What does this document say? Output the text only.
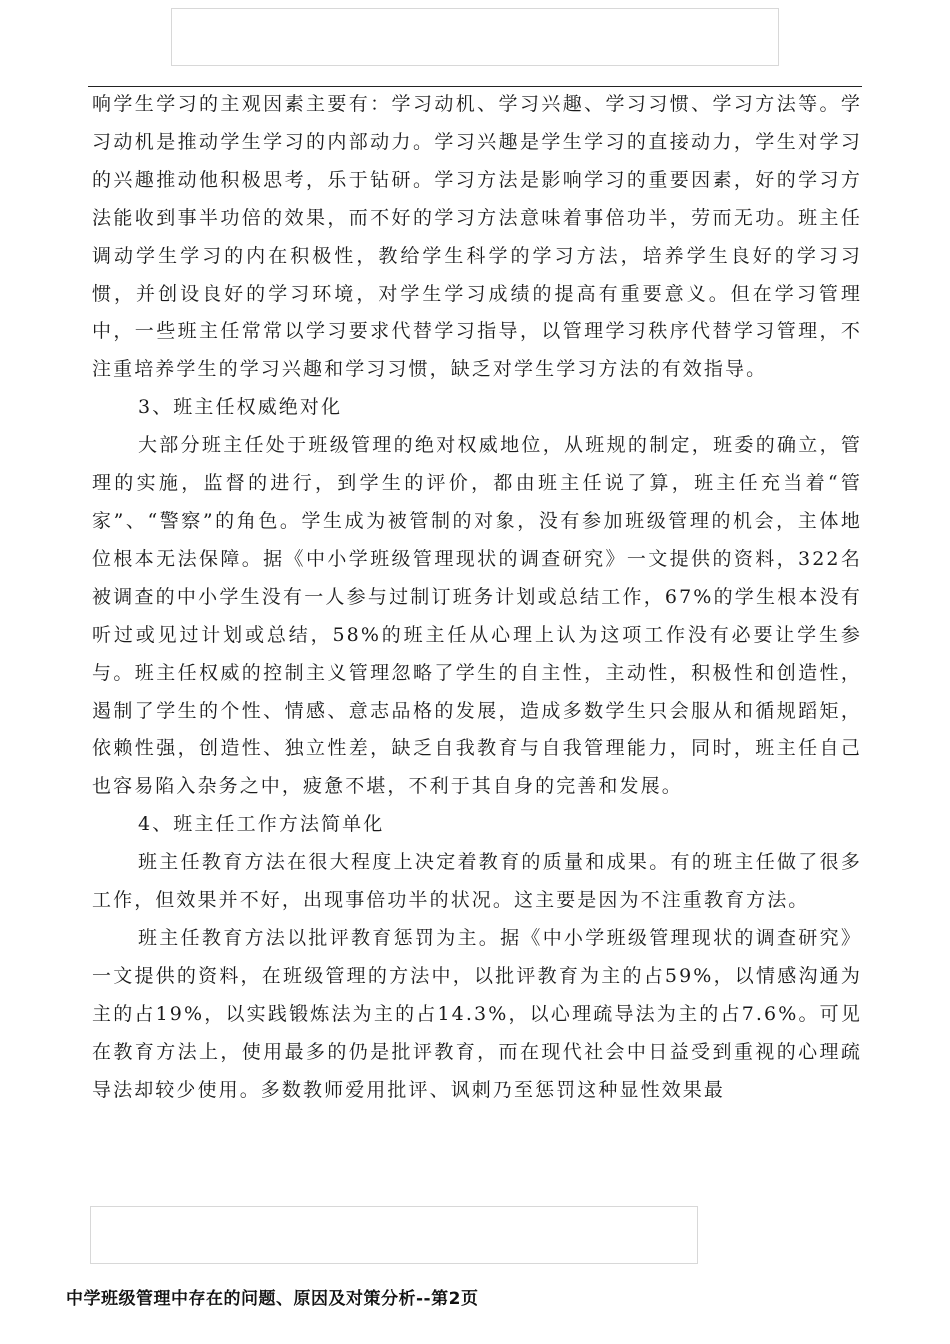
响学生学习的主观因素主要有：学习动机、学习兴趣、学习习惯、学习方法等。学习动机是推动学生学习的内部动力。学习兴趣是学生学习的直接动力，学生对学习的兴趣推动他积极思考，乐于钻研。学习方法是影响学习的重要因素，好的学习方法能收到事半功倍的效果，而不好的学习方法意味着事倍功半，劳而无功。班主任调动学生学习的内在积极性，教给学生科学的学习方法，培养学生良好的学习习惯，并创设良好的学习环境，对学生学习成绩的提高有重要意义。但在学习管理中，一些班主任常常以学习要求代替学习指导，以管理学习秩序代替学习管理，不注重培养学生的学习兴趣和学习习惯，缺乏对学生学习方法的有效指导。

3、班主任权威绝对化

大部分班主任处于班级管理的绝对权威地位，从班规的制定，班委的确立，管理的实施，监督的进行，到学生的评价，都由班主任说了算，班主任充当着“管家”、“警察”的角色。学生成为被管制的对象，没有参加班级管理的机会，主体地位根本无法保障。据《中小学班级管理现状的调查研究》一文提供的资料，322名被调查的中小学生没有一人参与过制订班务计划或总结工作，67%的学生根本没有听过或见过计划或总结，58%的班主任从心理上认为这项工作没有必要让学生参与。班主任权威的控制主义管理忽略了学生的自主性，主动性，积极性和创造性，遏制了学生的个性、情感、意志品格的发展，造成多数学生只会服从和循规蹈矩，依赖性强，创造性、独立性差，缺乏自我教育与自我管理能力，同时，班主任自己也容易陷入杂务之中，疲惫不堪，不利于其自身的完善和发展。

4、班主任工作方法简单化

班主任教育方法在很大程度上决定着教育的质量和成果。有的班主任做了很多工作，但效果并不好，出现事倍功半的状况。这主要是因为不注重教育方法。

班主任教育方法以批评教育惩罚为主。据《中小学班级管理现状的调查研究》一文提供的资料，在班级管理的方法中，以批评教育为主的占59%，以情感沟通为主的占19%，以实践锻炼法为主的占14.3%，以心理疏导法为主的占7.6%。可见在教育方法上，使用最多的仍是批评教育，而在现代社会中日益受到重视的心理疏导法却较少使用。多数教师爱用批评、讽刺乃至惩罚这种显性效果最

中学班级管理中存在的问题、原因及对策分析--第2页
